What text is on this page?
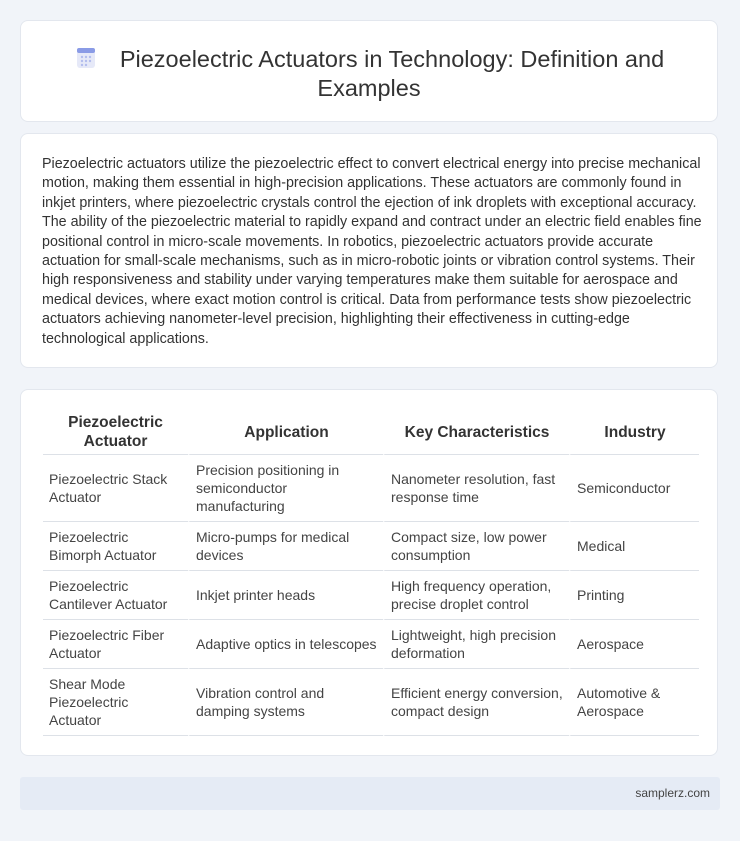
Piezoelectric Actuators in Technology: Definition and Examples

Piezoelectric actuators utilize the piezoelectric effect to convert electrical energy into precise mechanical motion, making them essential in high-precision applications. These actuators are commonly found in inkjet printers, where piezoelectric crystals control the ejection of ink droplets with exceptional accuracy. The ability of the piezoelectric material to rapidly expand and contract under an electric field enables fine positional control in micro-scale movements. In robotics, piezoelectric actuators provide accurate actuation for small-scale mechanisms, such as in micro-robotic joints or vibration control systems. Their high responsiveness and stability under varying temperatures make them suitable for aerospace and medical devices, where exact motion control is critical. Data from performance tests show piezoelectric actuators achieving nanometer-level precision, highlighting their effectiveness in cutting-edge technological applications.

Piezoelectric Actuator	Application	Key Characteristics	Industry
Piezoelectric Stack Actuator	Precision positioning in semiconductor manufacturing	Nanometer resolution, fast response time	Semiconductor
Piezoelectric Bimorph Actuator	Micro-pumps for medical devices	Compact size, low power consumption	Medical
Piezoelectric Cantilever Actuator	Inkjet printer heads	High frequency operation, precise droplet control	Printing
Piezoelectric Fiber Actuator	Adaptive optics in telescopes	Lightweight, high precision deformation	Aerospace
Shear Mode Piezoelectric Actuator	Vibration control and damping systems	Efficient energy conversion, compact design	Automotive & Aerospace
samplerz.com
